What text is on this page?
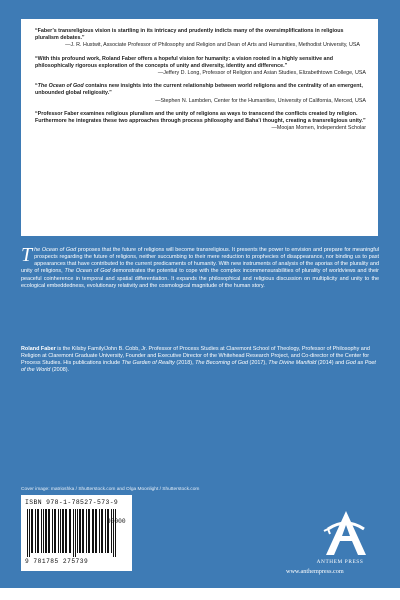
“Faber’s transreligious vision is startling in its intricacy and prudently indicts many of the oversimplifications in religious pluralism debates.”
—J. R. Hustwit, Associate Professor of Philosophy and Religion and Dean of Arts and Humanities, Methodist University, USA
“With this profound work, Roland Faber offers a hopeful vision for humanity: a vision rooted in a highly sensitive and philosophically rigorous exploration of the concepts of unity and diversity, identity and difference.”
—Jeffery D. Long, Professor of Religion and Asian Studies, Elizabethtown College, USA
“The Ocean of God contains new insights into the current relationship between world religions and the centrality of an emergent, unbounded global religiosity.”
—Stephen N. Lambden, Center for the Humanities, University of California, Merced, USA
“Professor Faber examines religious pluralism and the unity of religions as ways to transcend the conflicts created by religion. Furthermore he integrates these two approaches through process philosophy and Baha’i thought, creating a transreligious unity.”
—Moojan Momen, Independent Scholar
The Ocean of God proposes that the future of religions will become transreligious. It presents the power to envision and prepare for meaningful prospects regarding the future of religions, neither succumbing to their mere reduction to prophecies of disappearance, nor binding us to past appearances that have contributed to the current predicaments of humanity. With new instruments of analysis of the aporias of the plurality and unity of religions, The Ocean of God demonstrates the potential to cope with the complex incommensurabilities of plurality of worldviews and their peaceful coinherence in temporal and spatial differentiation. It expands the philosophical and religious discussion on multiplicity and unity to the ecological embeddedness, evolutionary relativity and the cosmological magnitude of the human story.
Roland Faber is the Kilsby Family/John B. Cobb, Jr. Professor of Process Studies at Claremont School of Theology, Professor of Philosophy and Religion at Claremont Graduate University, Founder and Executive Director of the Whitehead Research Project, and Co-director of the Center for Process Studies. His publications include The Garden of Reality (2018), The Becoming of God (2017), The Divine Manifold (2014) and God as Poet of the World (2008).
Cover image: matrioshka / Shutterstock.com and Olga Moonlight / Shutterstock.com
ISBN 978-1-78527-573-9
9 781785 275739
90000
ANTHEM PRESS
www.anthempress.com
